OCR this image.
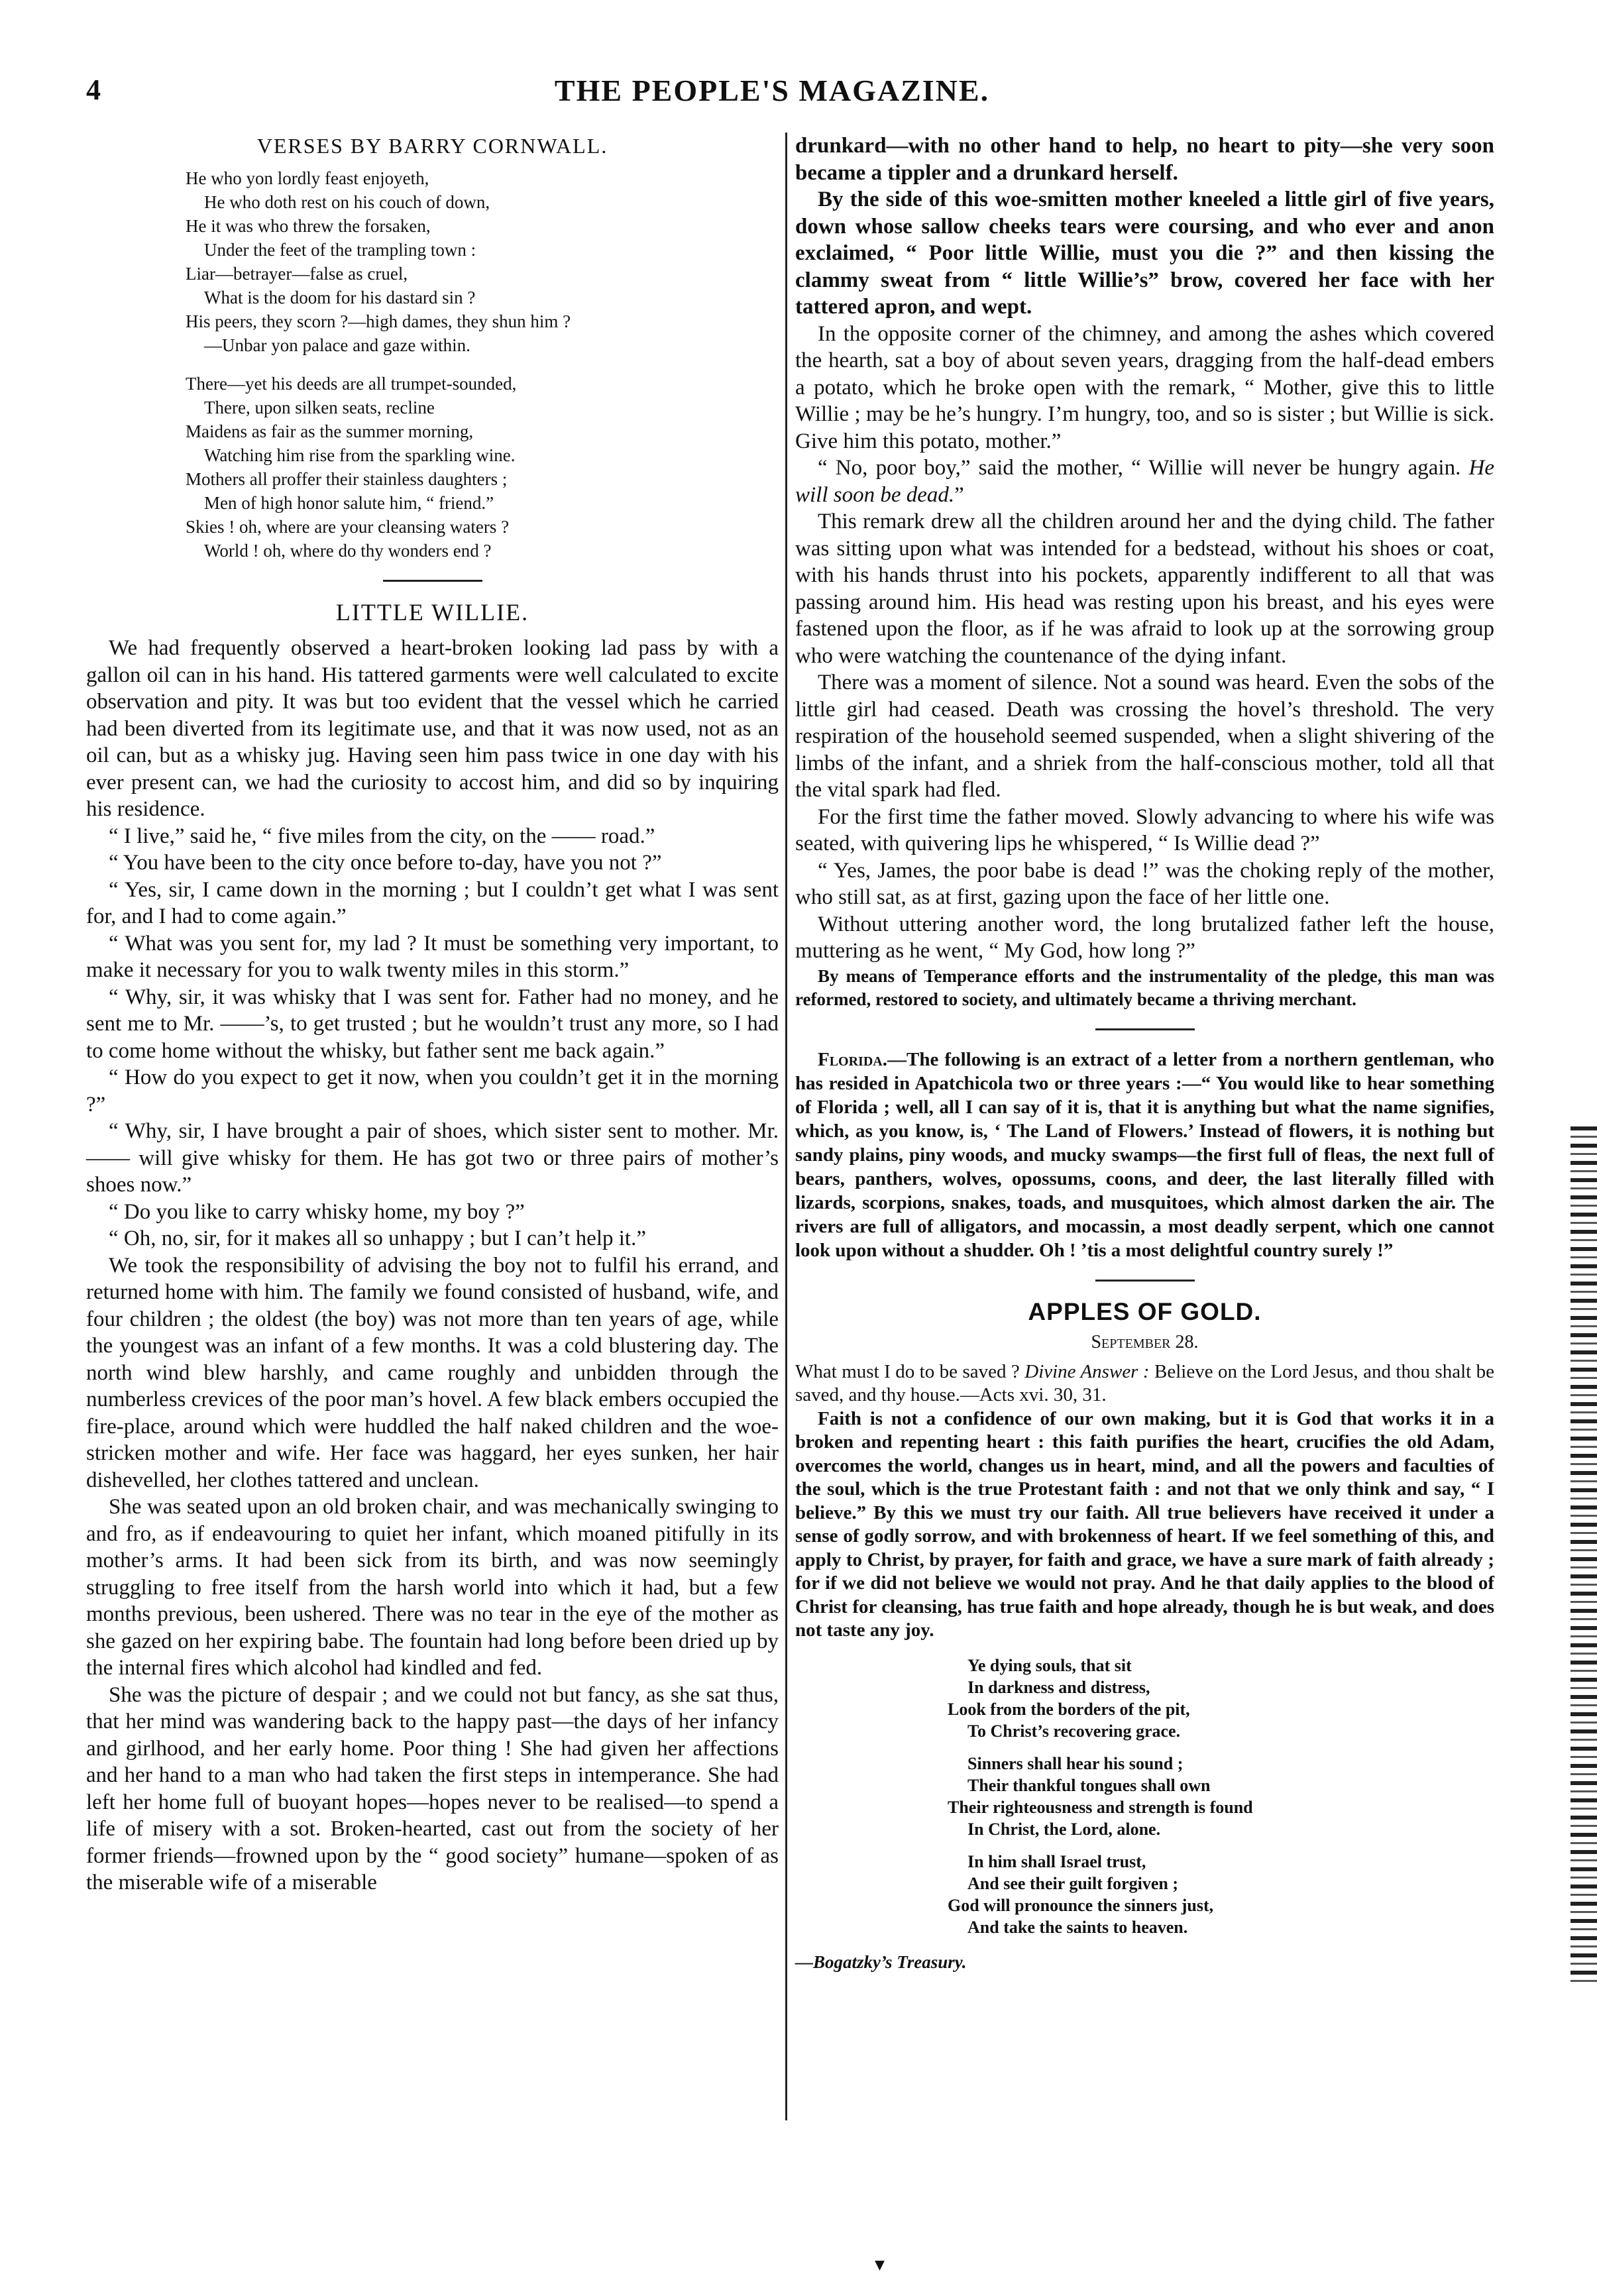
4	THE PEOPLE'S MAGAZINE.
VERSES BY BARRY CORNWALL.
He who yon lordly feast enjoyeth,
He who doth rest on his couch of down,
He it was who threw the forsaken,
Under the feet of the trampling town :
Liar—betrayer—false as cruel,
What is the doom for his dastard sin ?
His peers, they scorn ?—high dames, they shun him ?
—Unbar yon palace and gaze within.
There—yet his deeds are all trumpet-sounded,
There, upon silken seats, recline
Maidens as fair as the summer morning,
Watching him rise from the sparkling wine.
Mothers all proffer their stainless daughters ;
Men of high honor salute him, “ friend.”
Skies ! oh, where are your cleansing waters ?
World ! oh, where do thy wonders end ?
LITTLE WILLIE.

We had frequently observed a heart-broken looking lad pass by with a gallon oil can in his hand. His tattered garments were well calculated to excite observation and pity. It was but too evident that the vessel which he carried had been diverted from its legitimate use, and that it was now used, not as an oil can, but as a whisky jug. Having seen him pass twice in one day with his ever present can, we had the curiosity to accost him, and did so by inquiring his residence.

“ I live,” said he, “ five miles from the city, on the —— road.”

“ You have been to the city once before to-day, have you not ?”

“ Yes, sir, I came down in the morning ; but I couldn’t get what I was sent for, and I had to come again.”

“ What was you sent for, my lad ? It must be something very important, to make it necessary for you to walk twenty miles in this storm.”

“ Why, sir, it was whisky that I was sent for. Father had no money, and he sent me to Mr. ——’s, to get trusted ; but he wouldn’t trust any more, so I had to come home without the whisky, but father sent me back again.”

“ How do you expect to get it now, when you couldn’t get it in the morning ?”

“ Why, sir, I have brought a pair of shoes, which sister sent to mother. Mr. —— will give whisky for them. He has got two or three pairs of mother’s shoes now.”

“ Do you like to carry whisky home, my boy ?”

“ Oh, no, sir, for it makes all so unhappy ; but I can’t help it.”

We took the responsibility of advising the boy not to fulfil his errand, and returned home with him. The family we found consisted of husband, wife, and four children ; the oldest (the boy) was not more than ten years of age, while the youngest was an infant of a few months. It was a cold blustering day. The north wind blew harshly, and came roughly and unbidden through the numberless crevices of the poor man’s hovel. A few black embers occupied the fire-place, around which were huddled the half naked children and the woe-stricken mother and wife. Her face was haggard, her eyes sunken, her hair dishevelled, her clothes tattered and unclean.

She was seated upon an old broken chair, and was mechanically swinging to and fro, as if endeavouring to quiet her infant, which moaned pitifully in its mother’s arms. It had been sick from its birth, and was now seemingly struggling to free itself from the harsh world into which it had, but a few months previous, been ushered. There was no tear in the eye of the mother as she gazed on her expiring babe. The fountain had long before been dried up by the internal fires which alcohol had kindled and fed.

She was the picture of despair ; and we could not but fancy, as she sat thus, that her mind was wandering back to the happy past—the days of her infancy and girlhood, and her early home. Poor thing ! She had given her affections and her hand to a man who had taken the first steps in intemperance. She had left her home full of buoyant hopes—hopes never to be realised—to spend a life of misery with a sot. Broken-hearted, cast out from the society of her former friends—frowned upon by the “ good society” humane—spoken of as the miserable wife of a miserable

drunkard—with no other hand to help, no heart to pity—she very soon became a tippler and a drunkard herself.

By the side of this woe-smitten mother kneeled a little girl of five years, down whose sallow cheeks tears were coursing, and who ever and anon exclaimed, “ Poor little Willie, must you die ?” and then kissing the clammy sweat from “ little Willie’s” brow, covered her face with her tattered apron, and wept.

In the opposite corner of the chimney, and among the ashes which covered the hearth, sat a boy of about seven years, dragging from the half-dead embers a potato, which he broke open with the remark, “ Mother, give this to little Willie ; may be he’s hungry. I’m hungry, too, and so is sister ; but Willie is sick. Give him this potato, mother.”

“ No, poor boy,” said the mother, “ Willie will never be hungry again. He will soon be dead.”

This remark drew all the children around her and the dying child. The father was sitting upon what was intended for a bedstead, without his shoes or coat, with his hands thrust into his pockets, apparently indifferent to all that was passing around him. His head was resting upon his breast, and his eyes were fastened upon the floor, as if he was afraid to look up at the sorrowing group who were watching the countenance of the dying infant.

There was a moment of silence. Not a sound was heard. Even the sobs of the little girl had ceased. Death was crossing the hovel’s threshold. The very respiration of the household seemed suspended, when a slight shivering of the limbs of the infant, and a shriek from the half-conscious mother, told all that the vital spark had fled.

For the first time the father moved. Slowly advancing to where his wife was seated, with quivering lips he whispered, “ Is Willie dead ?”

“ Yes, James, the poor babe is dead !” was the choking reply of the mother, who still sat, as at first, gazing upon the face of her little one.

Without uttering another word, the long brutalized father left the house, muttering as he went, “ My God, how long ?”

By means of Temperance efforts and the instrumentality of the pledge, this man was reformed, restored to society, and ultimately became a thriving merchant.

Florida.—The following is an extract of a letter from a northern gentleman, who has resided in Apatchicola two or three years :—“ You would like to hear something of Florida ; well, all I can say of it is, that it is anything but what the name signifies, which, as you know, is, ‘ The Land of Flowers.’ Instead of flowers, it is nothing but sandy plains, piny woods, and mucky swamps—the first full of fleas, the next full of bears, panthers, wolves, opossums, coons, and deer, the last literally filled with lizards, scorpions, snakes, toads, and musquitoes, which almost darken the air. The rivers are full of alligators, and mocassin, a most deadly serpent, which one cannot look upon without a shudder. Oh ! ’tis a most delightful country surely !”

APPLES OF GOLD.
September 28.

What must I do to be saved ? Divine Answer : Believe on the Lord Jesus, and thou shalt be saved, and thy house.—Acts xvi. 30, 31.

Faith is not a confidence of our own making, but it is God that works it in a broken and repenting heart : this faith purifies the heart, crucifies the old Adam, overcomes the world, changes us in heart, mind, and all the powers and faculties of the soul, which is the true Protestant faith : and not that we only think and say, “ I believe.” By this we must try our faith. All true believers have received it under a sense of godly sorrow, and with brokenness of heart. If we feel something of this, and apply to Christ, by prayer, for faith and grace, we have a sure mark of faith already ; for if we did not believe we would not pray. And he that daily applies to the blood of Christ for cleansing, has true faith and hope already, though he is but weak, and does not taste any joy.

Ye dying souls, that sit
In darkness and distress,
Look from the borders of the pit,
To Christ’s recovering grace.
Sinners shall hear his sound ;
Their thankful tongues shall own
Their righteousness and strength is found
In Christ, the Lord, alone.
In him shall Israel trust,
And see their guilt forgiven ;
God will pronounce the sinners just,
And take the saints to heaven.
—Bogatzky’s Treasury.
▾
